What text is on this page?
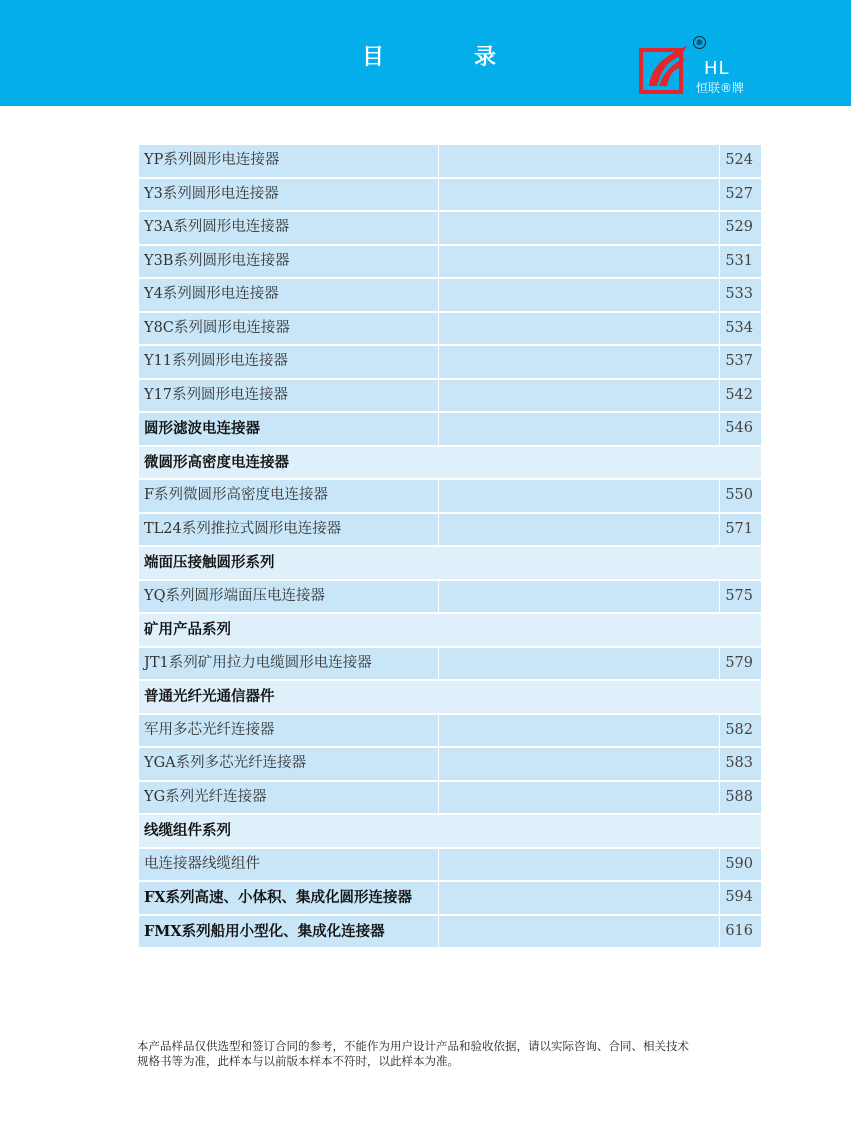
目	录
®
HL
恒联®牌
YP系列圆形电连接器	524
Y3系列圆形电连接器	527
Y3A系列圆形电连接器	529
Y3B系列圆形电连接器	531
Y4系列圆形电连接器	533
Y8C系列圆形电连接器	534
Y11系列圆形电连接器	537
Y17系列圆形电连接器	542
圆形滤波电连接器	546
微圆形高密度电连接器
F系列微圆形高密度电连接器	550
TL24系列推拉式圆形电连接器	571
端面压接触圆形系列
YQ系列圆形端面压电连接器	575
矿用产品系列
JT1系列矿用拉力电缆圆形电连接器	579
普通光纤光通信器件
军用多芯光纤连接器	582
YGA系列多芯光纤连接器	583
YG系列光纤连接器	588
线缆组件系列
电连接器线缆组件	590
FX系列高速、小体积、集成化圆形连接器	594
FMX系列船用小型化、集成化连接器	616
本产品样品仅供选型和签订合同的参考，不能作为用户设计产品和验收依据，请以实际咨询、合同、相关技术
规格书等为准，此样本与以前版本样本不符时，以此样本为准。
